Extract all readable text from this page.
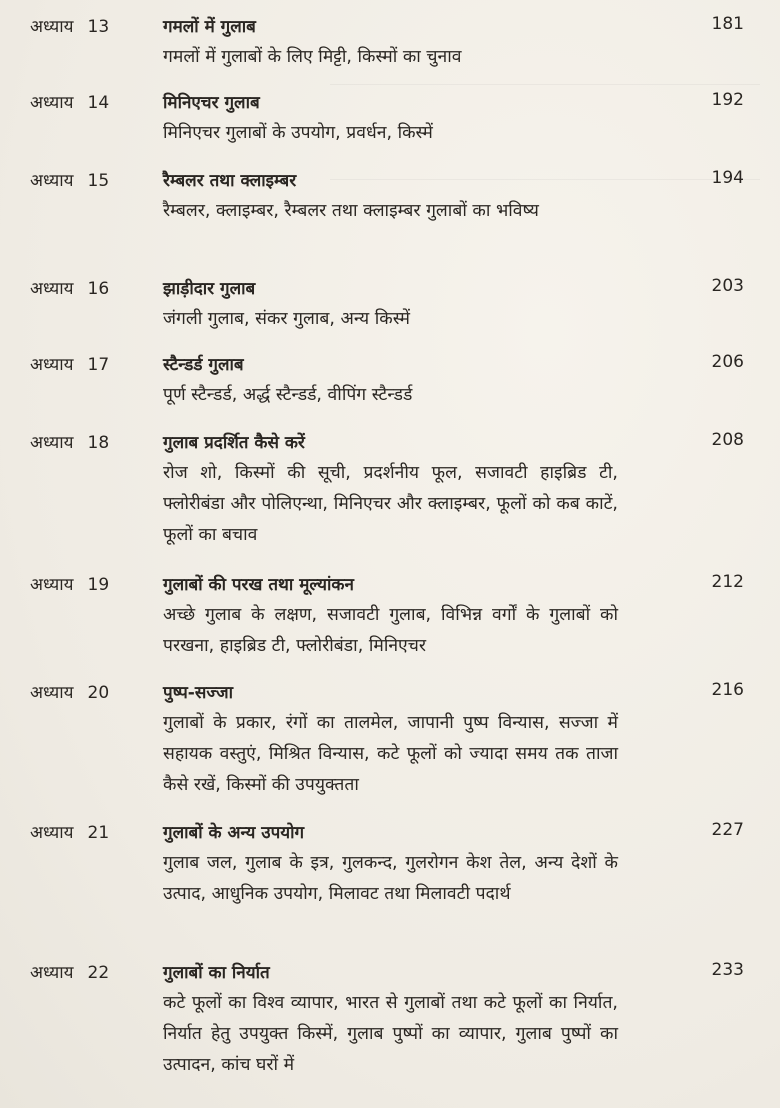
अध्याय 13	गमलों में गुलाब	181
गमलों में गुलाबों के लिए मिट्टी, किस्मों का चुनाव
अध्याय 14	मिनिएचर गुलाब	192
मिनिएचर गुलाबों के उपयोग, प्रवर्धन, किस्में
अध्याय 15	रैम्बलर तथा क्लाइम्बर	194
रैम्बलर, क्लाइम्बर, रैम्बलर तथा क्लाइम्बर गुलाबों का भविष्य
अध्याय 16	झाड़ीदार गुलाब	203
जंगली गुलाब, संकर गुलाब, अन्य किस्में
अध्याय 17	स्टैन्डर्ड गुलाब	206
पूर्ण स्टैन्डर्ड, अर्द्ध स्टैन्डर्ड, वीपिंग स्टैन्डर्ड
अध्याय 18	गुलाब प्रदर्शित कैसे करें	208
रोज शो, किस्मों की सूची, प्रदर्शनीय फूल, सजावटी हाइब्रिड टी, फ्लोरीबंडा और पोलिएन्था, मिनिएचर और क्लाइम्बर, फूलों को कब काटें, फूलों का बचाव
अध्याय 19	गुलाबों की परख तथा मूल्यांकन	212
अच्छे गुलाब के लक्षण, सजावटी गुलाब, विभिन्न वर्गों के गुलाबों को परखना, हाइब्रिड टी, फ्लोरीबंडा, मिनिएचर
अध्याय 20	पुष्प-सज्जा	216
गुलाबों के प्रकार, रंगों का तालमेल, जापानी पुष्प विन्यास, सज्जा में सहायक वस्तुएं, मिश्रित विन्यास, कटे फूलों को ज्यादा समय तक ताजा कैसे रखें, किस्मों की उपयुक्तता
अध्याय 21	गुलाबों के अन्य उपयोग	227
गुलाब जल, गुलाब के इत्र, गुलकन्द, गुलरोगन केश तेल, अन्य देशों के उत्पाद, आधुनिक उपयोग, मिलावट तथा मिलावटी पदार्थ
अध्याय 22	गुलाबों का निर्यात	233
कटे फूलों का विश्व व्यापार, भारत से गुलाबों तथा कटे फूलों का निर्यात, निर्यात हेतु उपयुक्त किस्में, गुलाब पुष्पों का व्यापार, गुलाब पुष्पों का उत्पादन, कांच घरों में
